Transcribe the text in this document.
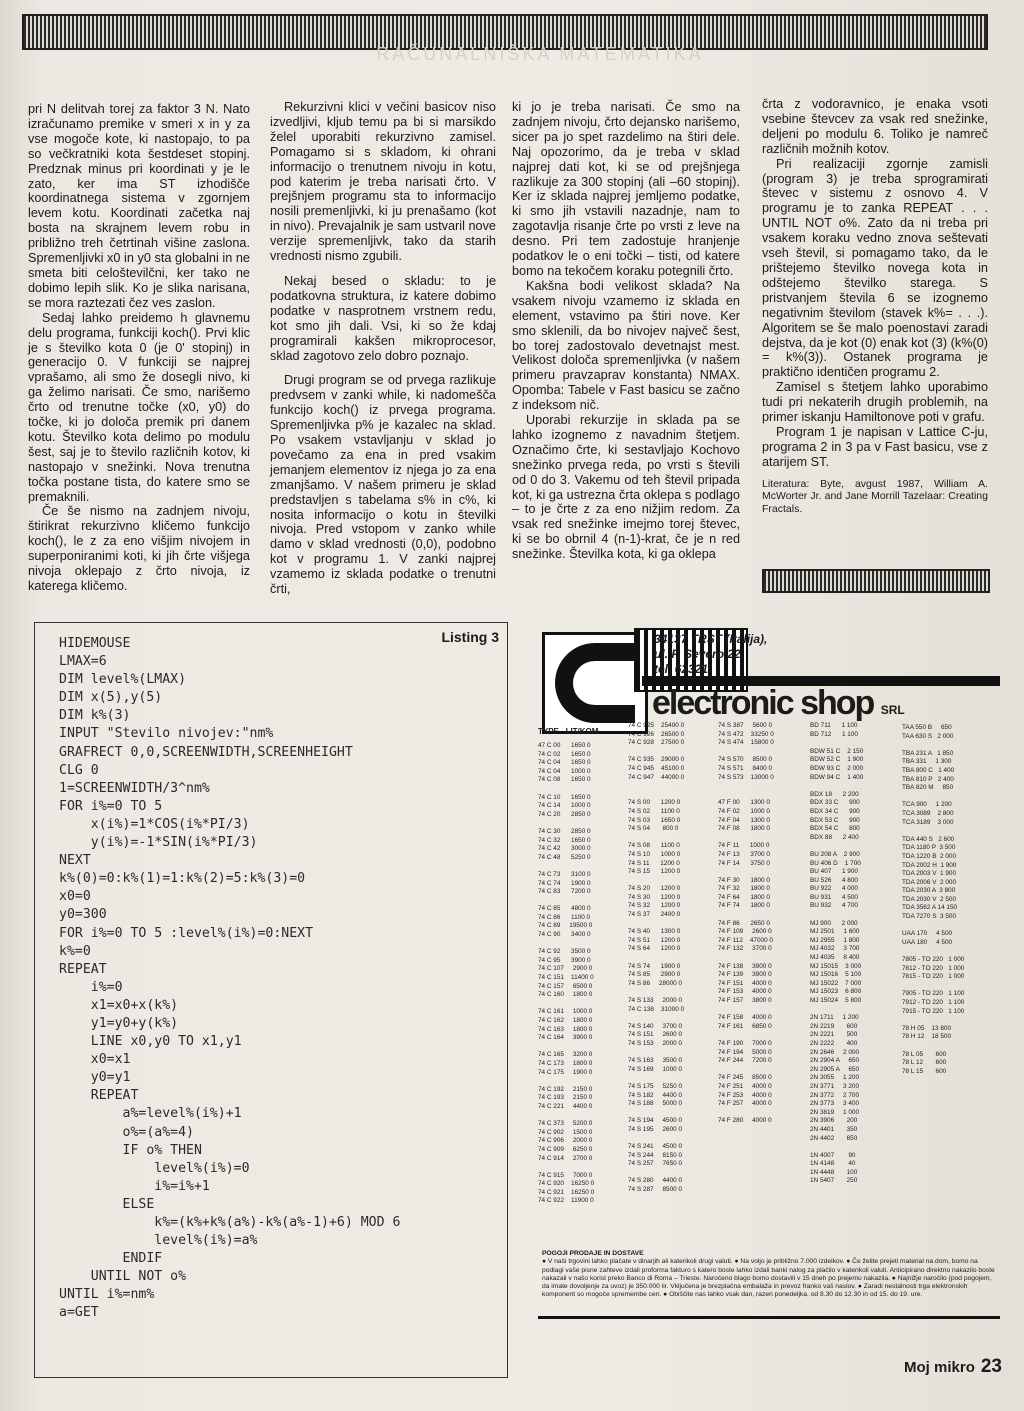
RAČUNALNIŠKA MATEMATIKA

pri N delitvah torej za faktor 3 N. Nato izračunamo premike v smeri x in y za vse mogoče kote, ki nastopajo, to pa so večkratniki kota šestdeset stopinj. Predznak minus pri koordinati y je le zato, ker ima ST izhodišče koordinatnega sistema v zgornjem levem kotu. Koordinati začetka naj bosta na skrajnem levem robu in približno treh četrtinah višine zaslona. Spremenljivki x0 in y0 sta globalni in ne smeta biti celoštevilčni, ker tako ne dobimo lepih slik. Ko je slika narisana, se mora raztezati čez ves zaslon.

Sedaj lahko preidemo h glavnemu delu programa, funkciji koch(). Prvi klic je s številko kota 0 (je 0' stopinj) in generacijo 0. V funkciji se najprej vprašamo, ali smo že dosegli nivo, ki ga želimo narisati. Če smo, narišemo črto od trenutne točke (x0, y0) do točke, ki jo določa premik pri danem kotu. Številko kota delimo po modulu šest, saj je to število različnih kotov, ki nastopajo v snežinki. Nova trenutna točka postane tista, do katere smo se premaknili.

Če še nismo na zadnjem nivoju, štirikrat rekurzivno kličemo funkcijo koch(), le z za eno višjim nivojem in superponiranimi koti, ki jih črte višjega nivoja oklepajo z črto nivoja, iz katerega kličemo.

Rekurzivni klici v večini basicov niso izvedljivi, kljub temu pa bi si marsikdo želel uporabiti rekurzivno zamisel. Pomagamo si s skladom, ki ohrani informacijo o trenutnem nivoju in kotu, pod katerim je treba narisati črto. V prejšnjem programu sta to informacijo nosili premenljivki, ki ju prenašamo (kot in nivo). Prevajalnik je sam ustvaril nove verzije spremenljivk, tako da starih vrednosti nismo zgubili.

Nekaj besed o skladu: to je podatkovna struktura, iz katere dobimo podatke v nasprotnem vrstnem redu, kot smo jih dali. Vsi, ki so že kdaj programirali kakšen mikroprocesor, sklad zagotovo zelo dobro poznajo.

Drugi program se od prvega razlikuje predvsem v zanki while, ki nadomešča funkcijo koch() iz prvega programa. Spremenljivka p% je kazalec na sklad. Po vsakem vstavljanju v sklad jo povečamo za ena in pred vsakim jemanjem elementov iz njega jo za ena zmanjšamo. V našem primeru je sklad predstavljen s tabelama s% in c%, ki nosita informacijo o kotu in številki nivoja. Pred vstopom v zanko while damo v sklad vrednosti (0,0), podobno kot v programu 1. V zanki najprej vzamemo iz sklada podatke o trenutni črti,

ki jo je treba narisati. Če smo na zadnjem nivoju, črto dejansko narišemo, sicer pa jo spet razdelimo na štiri dele. Naj opozorimo, da je treba v sklad najprej dati kot, ki se od prejšnjega razlikuje za 300 stopinj (ali –60 stopinj). Ker iz sklada najprej jemljemo podatke, ki smo jih vstavili nazadnje, nam to zagotavlja risanje črte po vrsti z leve na desno. Pri tem zadostuje hranjenje podatkov le o eni točki – tisti, od katere bomo na tekočem koraku potegnili črto.

Kakšna bodi velikost sklada? Na vsakem nivoju vzamemo iz sklada en element, vstavimo pa štiri nove. Ker smo sklenili, da bo nivojev največ šest, bo torej zadostovalo devetnajst mest. Velikost določa spremenljivka (v našem primeru pravzaprav konstanta) NMAX. Opomba: Tabele v Fast basicu se začno z indeksom nič.

Uporabi rekurzije in sklada pa se lahko izognemo z navadnim štetjem. Označimo črte, ki sestavljajo Kochovo snežinko prvega reda, po vrsti s števili od 0 do 3. Vakemu od teh števil pripada kot, ki ga ustrezna črta oklepa s podlago – to je črte z za eno nižjim redom. Za vsak red snežinke imejmo torej števec, ki se bo obrnil 4 (n-1)-krat, če je n red snežinke. Številka kota, ki ga oklepa

črta z vodoravnico, je enaka vsoti vsebine števcev za vsak red snežinke, deljeni po modulu 6. Toliko je namreč različnih možnih kotov.

Pri realizaciji zgornje zamisli (program 3) je treba sprogramirati števec v sistemu z osnovo 4. V programu je to zanka REPEAT . . . UNTIL NOT o%. Zato da ni treba pri vsakem koraku vedno znova seštevati vseh števil, si pomagamo tako, da le prištejemo številko novega kota in odštejemo številko starega. S pristvanjem števila 6 se izognemo negativnim številom (stavek k%= . . .). Algoritem se še malo poenostavi zaradi dejstva, da je kot (0) enak kot (3) (k%(0) = k%(3)). Ostanek programa je praktično identičen programu 2.

Zamisel s štetjem lahko uporabimo tudi pri nekaterih drugih problemih, na primer iskanju Hamiltonove poti v grafu.

Program 1 je napisan v Lattice C-ju, programa 2 in 3 pa v Fast basicu, vse z atarijem ST.

Literatura: Byte, avgust 1987, William A. McWorter Jr. and Jane Morrill Tazelaar: Creating Fractals.
Listing 3
HIDEMOUSE
LMAX=6
DIM level%(LMAX)
DIM x(5),y(5)
DIM k%(3)
INPUT "Stevilo nivojev:"nm%
GRAFRECT 0,0,SCREENWIDTH,SCREENHEIGHT
CLG 0
1=SCREENWIDTH/3^nm%
FOR i%=0 TO 5
x(i%)=1*COS(i%*PI/3)
y(i%)=-1*SIN(i%*PI/3)
NEXT
k%(0)=0:k%(1)=1:k%(2)=5:k%(3)=0
x0=0
y0=300
FOR i%=0 TO 5 :level%(i%)=0:NEXT
k%=0
REPEAT
i%=0
x1=x0+x(k%)
y1=y0+y(k%)
LINE x0,y0 TO x1,y1
x0=x1
y0=y1
REPEAT
a%=level%(i%)+1
o%=(a%=4)
IF o% THEN
level%(i%)=0
i%=i%+1
ELSE
k%=(k%+k%(a%)-k%(a%-1)+6) MOD 6
level%(i%)=a%
ENDIF
UNTIL NOT o%
UNTIL i%=nm%
a=GET
34137 TRST (Italija),
ul. F. Severo 22,
tel. 62321
electronic shop SRL
TYPE   LIT/KOM
47 C 00      1650 0
74 C 02      1650 0
74 C 04      1650 0
74 C 04      1000 0
74 C 08      1650 0

74 C 10      1650 0
74 C 14      1000 0
74 C 20      2850 0

74 C 30      2850 0
74 C 32      1650 0
74 C 42      3000 0
74 C 48      5250 0

74 C 73      3100 0
74 C 74      1900 0
74 C 83      7200 0

74 C 85      4800 0
74 C 86      1100 0
74 C 89     19500 0
74 C 90      3400 0

74 C 92      3500 0
74 C 95      3900 0
74 C 107     2900 0
74 C 151    11400 0
74 C 157     6500 0
74 C 160     1800 0

74 C 161     1000 0
74 C 162     1800 0
74 C 163     1800 0
74 C 164     3900 0

74 C 165     3200 0
74 C 173     1800 0
74 C 175     1900 0

74 C 192     2150 0
74 C 193     2150 0
74 C 221     4400 0

74 C 373     5200 0
74 C 902     1500 0
74 C 906     2000 0
74 C 909     6250 0
74 C 914     2700 0

74 C 915     7000 0
74 C 920    16250 0
74 C 921    16250 0
74 C 922    11900 0
74 C 925    25400 0
74 C 926    26500 0
74 C 928    27500 0

74 C 935    29000 0
74 C 945    45100 0
74 C 947    44000 0

74 S 00      1200 0
74 S 02      1100 0
74 S 03      1650 0
74 S 04       800 0

74 S 08      1100 0
74 S 10      1000 0
74 S 11      1200 0
74 S 15      1200 0

74 S 20      1200 0
74 S 30      1200 0
74 S 32      1200 0
74 S 37      2400 0

74 S 40      1300 0
74 S 51      1200 0
74 S 64      1200 0

74 S 74      1900 0
74 S 85      2900 0
74 S 86     28000 0

74 S 133     2000 0
74 C 138    31000 0

74 S 140     3700 0
74 S 151     2600 0
74 S 153     2000 0

74 S 163     3500 0
74 S 169     1000 0

74 S 175     5250 0
74 S 182     4400 0
74 S 188     5000 0

74 S 194     4500 0
74 S 195     2600 0

74 S 241     4500 0
74 S 244     8150 0
74 S 257     7650 0

74 S 280     4400 0
74 S 287     8500 0
74 S 387     5600 0
74 S 472    33250 0
74 S 474    15800 0

74 S 570     8500 0
74 S 571     8400 0
74 S 573    13000 0

47 F 00      1300 0
74 F 02      1000 0
74 F 04      1300 0
74 F 08      1800 0

74 F 11      1000 0
74 F 13      3700 0
74 F 14      3750 0

74 F 30      1800 0
74 F 32      1800 0
74 F 64      1800 0
74 F 74      1800 0

74 F 86      2650 0
74 F 109     2600 0
74 F 112    47000 0
74 F 132     3700 0

74 F 138     3900 0
74 F 139     3900 0
74 F 151     4000 0
74 F 153     4000 0
74 F 157     3800 0

74 F 158     4000 0
74 F 161     6850 0

74 F 190     7000 0
74 F 194     5000 0
74 F 244     7200 0

74 F 245     8500 0
74 F 251     4000 0
74 F 253     4000 0
74 F 257     4000 0

74 F 280     4000 0
BD 711      1 100
BD 712      1 100

BDW 51 C    2 150
BDW 52 C    1 900
BDW 93 C    2 000
BDW 94 C    1 400

BDX 18      2 200
BDX 33 C      900
BDX 34 C      900
BDX 53 C      900
BDX 54 C      800
BDX 88      2 400

BU 208 A    2 900
BU 406 D    1 700
BU 407      1 900
BU 526      4 800
BU 922      4 000
BU 931      4 500
BU 932      4 700

MJ 900      2 000
MJ 2501     1 600
MJ 2955     1 800
MJ 4032     3 700
MJ 4035     8 400
MJ 15015    3 000
MJ 15016    5 100
MJ 15022    7 000
MJ 15023    6 800
MJ 15024    5 800

2N 1711     1 200
2N 2219       600
2N 2221       500
2N 2222       400
2N 2646     2 000
2N 2904 A     650
2N 2905 A     650
2N 3055     1 200
2N 3771     3 200
2N 3772     2 700
2N 3773     3 400
2N 3819     1 000
2N 3906       200
2N 4401       350
2N 4402       650

1N 4007        90
1N 4148        40
1N 4448       100
1N 5407       250
TAA 550 B     650
TAA 630 S   2 000

TBA 231 A   1 850
TBA 331     1 300
TBA 800 C   1 400
TBA 810 P   2 400
TBA 820 M     850

TCA 900     1 200
TCA 3089    2 800
TCA 3189    3 000

TDA 440 S   2 600
TDA 1180 P  3 500
TDA 1220 B  2 000
TDA 2002 H  1 900
TDA 2003 V  1 900
TDA 2006 V  2 000
TDA 2030 A  3 800
TDA 2030 V  2 500
TDA 3562 A 14 150
TDA 7270 S  3 500

UAA 170     4 500
UAA 180     4 500

7805 - TO 220   1 000
7812 - TO 220   1 000
7815 - TO 220   1 000

7905 - TO 220   1 100
7912 - TO 220   1 100
7915 - TO 220   1 100

78 H 05    13 800
78 H 12    18 500

78 L 05       600
78 L 12       600
78 L 15       600
POGOJI PRODAJE IN DOSTAVE
● V naši trgovini lahko plačate v dinarjih ali katerikoli drugi valuti. ● Na voljo je približno 7.000 izdelkov. ● Če želite prejeti material na dom, bomo na podlagi vaše pisne zahteve izdali proforma fakturo s katero boste lahko izdali banki nalog za plačilo v katerikoli valuti. Anticipirano direktno nakazilo boste nakazali v našo korist preko Banco di Roma – Trieste. Naročeno blago bomo dostavili v 15 dneh po prejemu nakazila. ● Najnižje naročilo (pod pogojem, da imate dovoljenje za uvoz) je 350.000 lir. Vključena je brezplačna embalaža in prevoz franko vaš naslov. ● Zaradi nestalnosti trga elektronskih komponent so mogoče spremembe cen. ● Obiščite nas lahko vsak dan, razen ponedeljka, od 8.30 do 12.30 in od 15. do 19. ure.
Moj mikro 23
